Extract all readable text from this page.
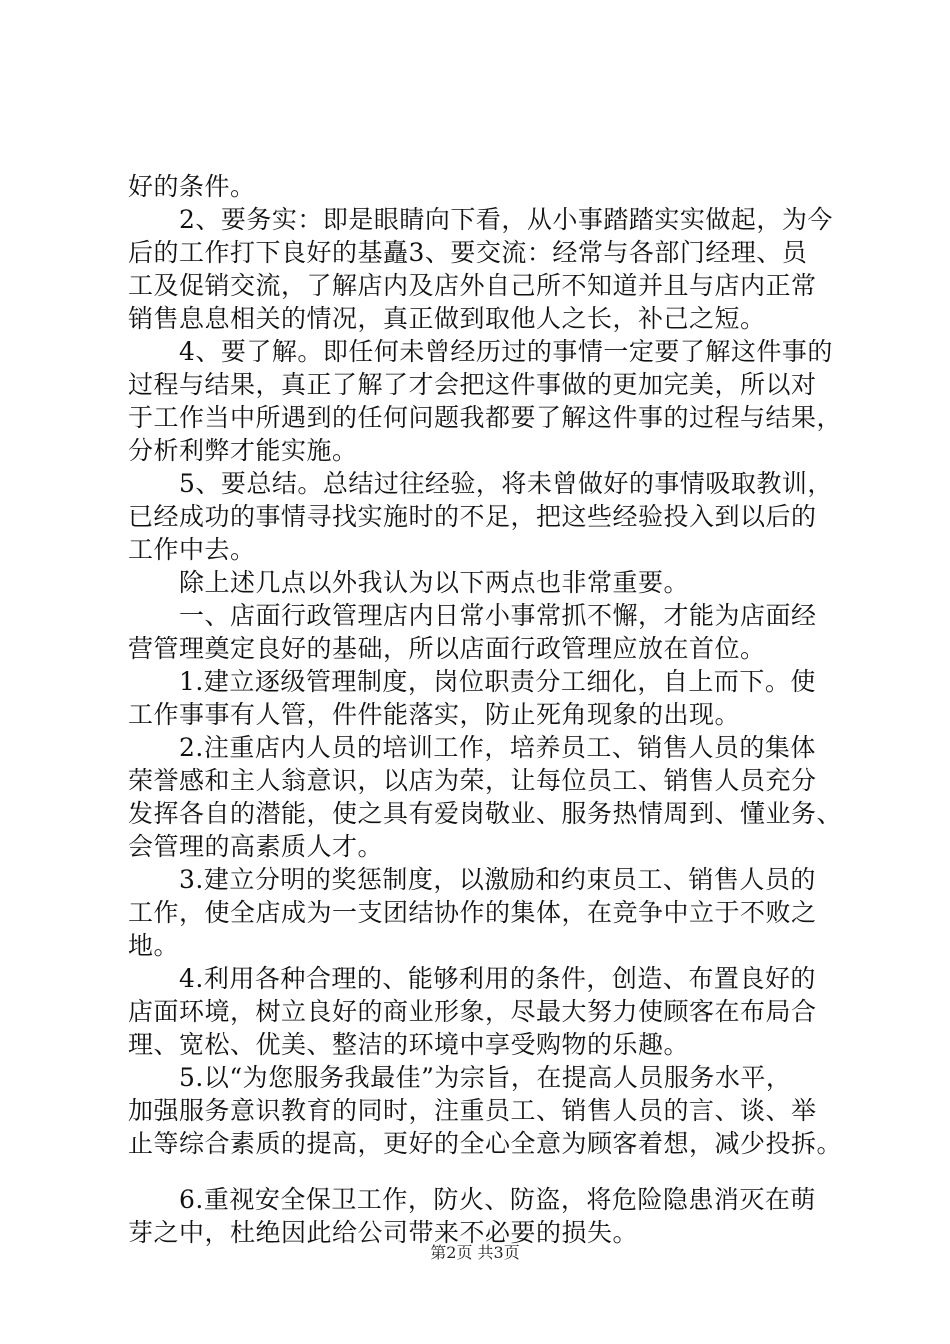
好的条件。
　　2、要务实：即是眼睛向下看，从小事踏踏实实做起，为今
后的工作打下良好的基矗3、要交流：经常与各部门经理、员
工及促销交流，了解店内及店外自己所不知道并且与店内正常
销售息息相关的情况，真正做到取他人之长，补己之短。
　　4、要了解。即任何未曾经历过的事情一定要了解这件事的
过程与结果，真正了解了才会把这件事做的更加完美，所以对
于工作当中所遇到的任何问题我都要了解这件事的过程与结果，
分析利弊才能实施。
　　5、要总结。总结过往经验，将未曾做好的事情吸取教训，
已经成功的事情寻找实施时的不足，把这些经验投入到以后的
工作中去。
　　除上述几点以外我认为以下两点也非常重要。
　　一、店面行政管理店内日常小事常抓不懈，才能为店面经
营管理奠定良好的基础，所以店面行政管理应放在首位。
　　1.建立逐级管理制度，岗位职责分工细化，自上而下。使
工作事事有人管，件件能落实，防止死角现象的出现。
　　2.注重店内人员的培训工作，培养员工、销售人员的集体
荣誉感和主人翁意识，以店为荣，让每位员工、销售人员充分
发挥各自的潜能，使之具有爱岗敬业、服务热情周到、懂业务、
会管理的高素质人才。
　　3.建立分明的奖惩制度，以激励和约束员工、销售人员的
工作，使全店成为一支团结协作的集体，在竞争中立于不败之
地。
　　4.利用各种合理的、能够利用的条件，创造、布置良好的
店面环境，树立良好的商业形象，尽最大努力使顾客在布局合
理、宽松、优美、整洁的环境中享受购物的乐趣。
　　5.以“为您服务我最佳”为宗旨，在提高人员服务水平，
加强服务意识教育的同时，注重员工、销售人员的言、谈、举
止等综合素质的提高，更好的全心全意为顾客着想，减少投拆。
　　6.重视安全保卫工作，防火、防盗，将危险隐患消灭在萌
芽之中，杜绝因此给公司带来不必要的损失。
第2页 共3页
